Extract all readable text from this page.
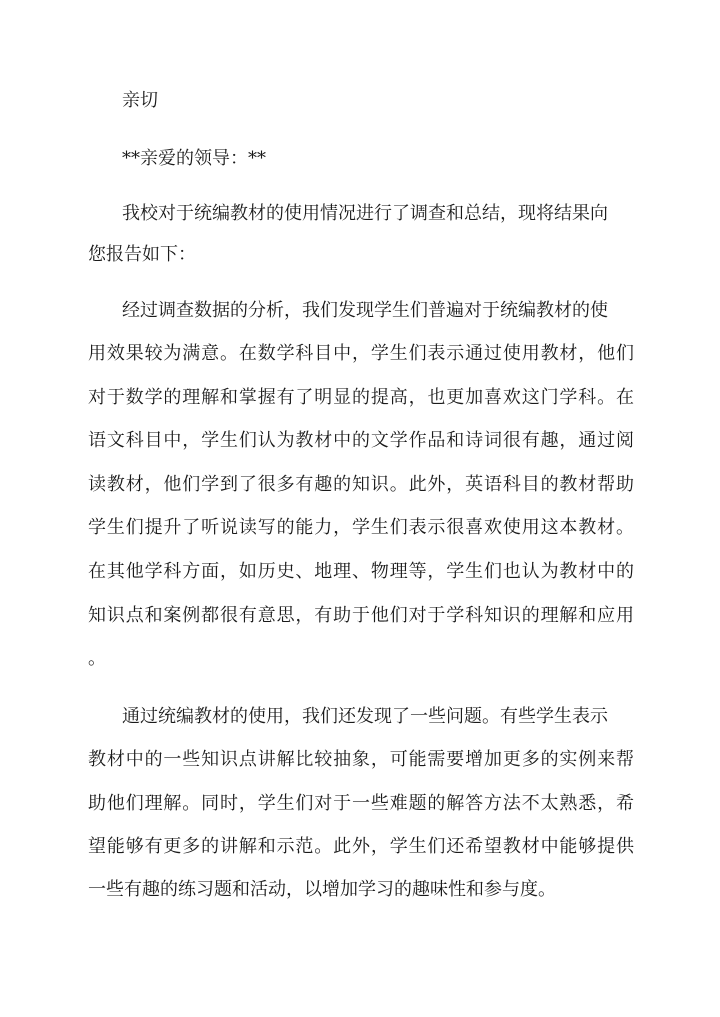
亲切

**亲爱的领导：**

我校对于统编教材的使用情况进行了调查和总结，现将结果向

您报告如下：

经过调查数据的分析，我们发现学生们普遍对于统编教材的使

用效果较为满意。在数学科目中，学生们表示通过使用教材，他们

对于数学的理解和掌握有了明显的提高，也更加喜欢这门学科。在

语文科目中，学生们认为教材中的文学作品和诗词很有趣，通过阅

读教材，他们学到了很多有趣的知识。此外，英语科目的教材帮助

学生们提升了听说读写的能力，学生们表示很喜欢使用这本教材。

在其他学科方面，如历史、地理、物理等，学生们也认为教材中的

知识点和案例都很有意思，有助于他们对于学科知识的理解和应用

。

通过统编教材的使用，我们还发现了一些问题。有些学生表示

教材中的一些知识点讲解比较抽象，可能需要增加更多的实例来帮

助他们理解。同时，学生们对于一些难题的解答方法不太熟悉，希

望能够有更多的讲解和示范。此外，学生们还希望教材中能够提供

一些有趣的练习题和活动，以增加学习的趣味性和参与度。
